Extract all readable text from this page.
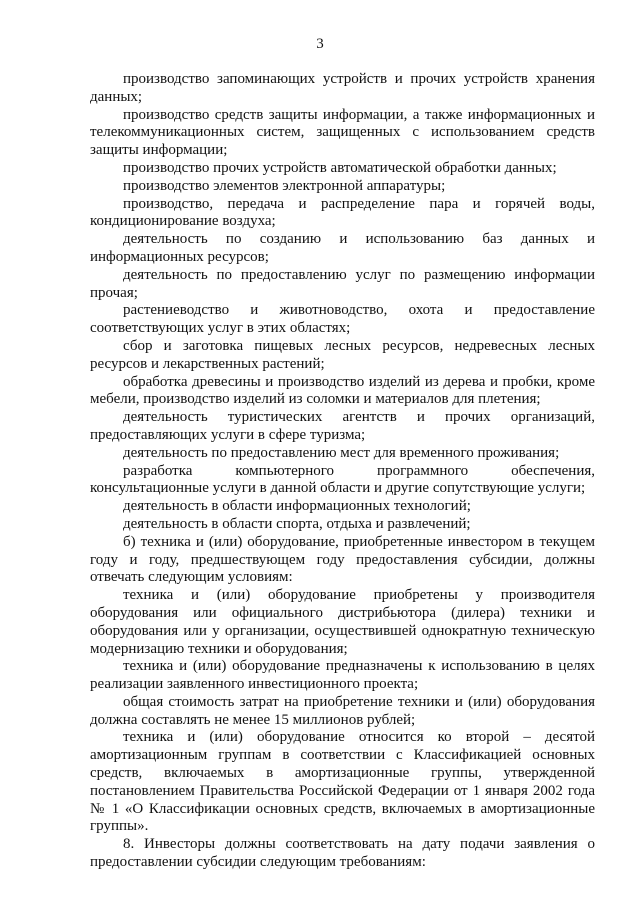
3

производство запоминающих устройств и прочих устройств хранения данных;

производство средств защиты информации, а также информационных и телекоммуникационных систем, защищенных с использованием средств защиты информации;

производство прочих устройств автоматической обработки данных;

производство элементов электронной аппаратуры;

производство, передача и распределение пара и горячей воды, кондиционирование воздуха;

деятельность по созданию и использованию баз данных и информационных ресурсов;

деятельность по предоставлению услуг по размещению информации прочая;

растениеводство и животноводство, охота и предоставление соответствующих услуг в этих областях;

сбор и заготовка пищевых лесных ресурсов, недревесных лесных ресурсов и лекарственных растений;

обработка древесины и производство изделий из дерева и пробки, кроме мебели, производство изделий из соломки и материалов для плетения;

деятельность туристических агентств и прочих организаций, предоставляющих услуги в сфере туризма;

деятельность по предоставлению мест для временного проживания;

разработка компьютерного программного обеспечения, консультационные услуги в данной области и другие сопутствующие услуги;

деятельность в области информационных технологий;

деятельность в области спорта, отдыха и развлечений;

б) техника и (или) оборудование, приобретенные инвестором в текущем году и году, предшествующем году предоставления субсидии, должны отвечать следующим условиям:

техника и (или) оборудование приобретены у производителя оборудования или официального дистрибьютора (дилера) техники и оборудования или у организации, осуществившей однократную техническую модернизацию техники и оборудования;

техника и (или) оборудование предназначены к использованию в целях реализации заявленного инвестиционного проекта;

общая стоимость затрат на приобретение техники и (или) оборудования должна составлять не менее 15 миллионов рублей;

техника и (или) оборудование относится ко второй – десятой амортизационным группам в соответствии с Классификацией основных средств, включаемых в амортизационные группы, утвержденной постановлением Правительства Российской Федерации от 1 января 2002 года № 1 «О Классификации основных средств, включаемых в амортизационные группы».

8. Инвесторы должны соответствовать на дату подачи заявления о предоставлении субсидии следующим требованиям:
